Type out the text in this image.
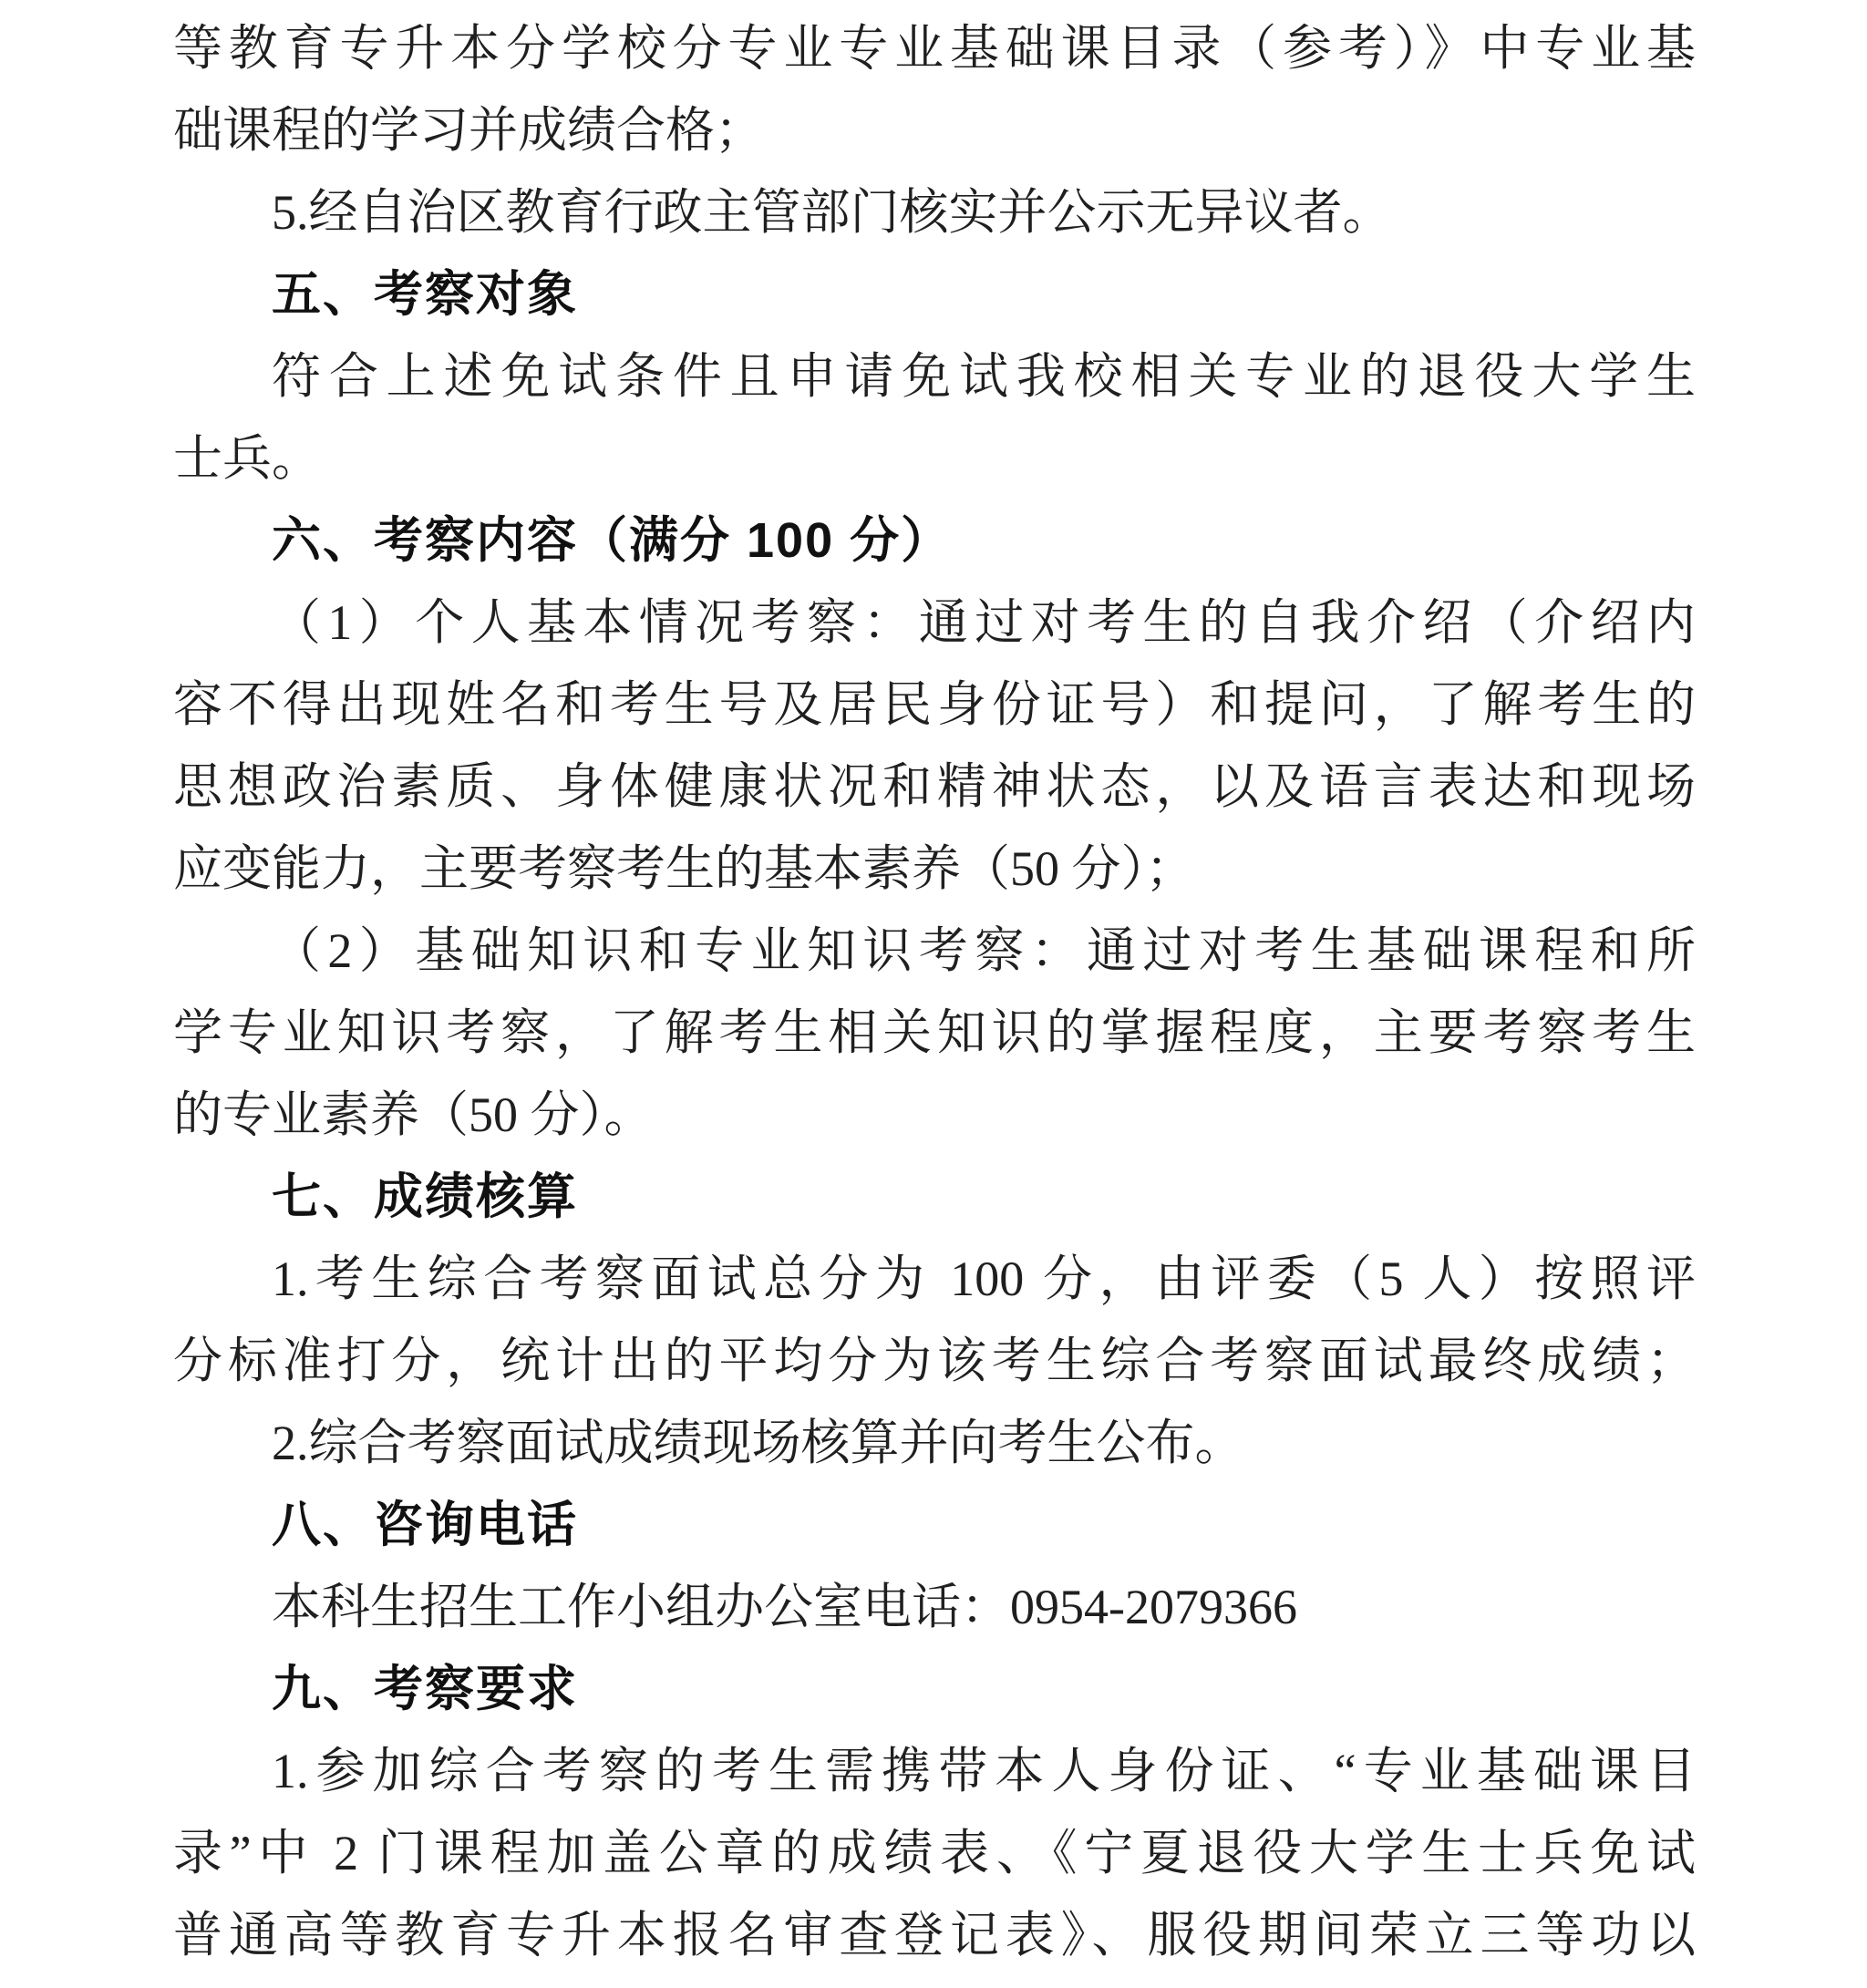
等教育专升本分学校分专业专业基础课目录（参考）》中专业基

础课程的学习并成绩合格；

5.经自治区教育行政主管部门核实并公示无异议者。

五、考察对象

符合上述免试条件且申请免试我校相关专业的退役大学生

士兵。

六、考察内容（满分 100 分）

（1）个人基本情况考察：通过对考生的自我介绍（介绍内

容不得出现姓名和考生号及居民身份证号）和提问，了解考生的

思想政治素质、身体健康状况和精神状态，以及语言表达和现场

应变能力，主要考察考生的基本素养（50 分）；

（2）基础知识和专业知识考察：通过对考生基础课程和所

学专业知识考察，了解考生相关知识的掌握程度，主要考察考生

的专业素养（50 分）。

七、成绩核算

1.考生综合考察面试总分为 100 分，由评委（5 人）按照评

分标准打分，统计出的平均分为该考生综合考察面试最终成绩；

2.综合考察面试成绩现场核算并向考生公布。

八、咨询电话

本科生招生工作小组办公室电话：0954-2079366

九、考察要求

1.参加综合考察的考生需携带本人身份证、“专业基础课目

录”中 2 门课程加盖公章的成绩表、《宁夏退役大学生士兵免试

普通高等教育专升本报名审查登记表》、服役期间荣立三等功以
